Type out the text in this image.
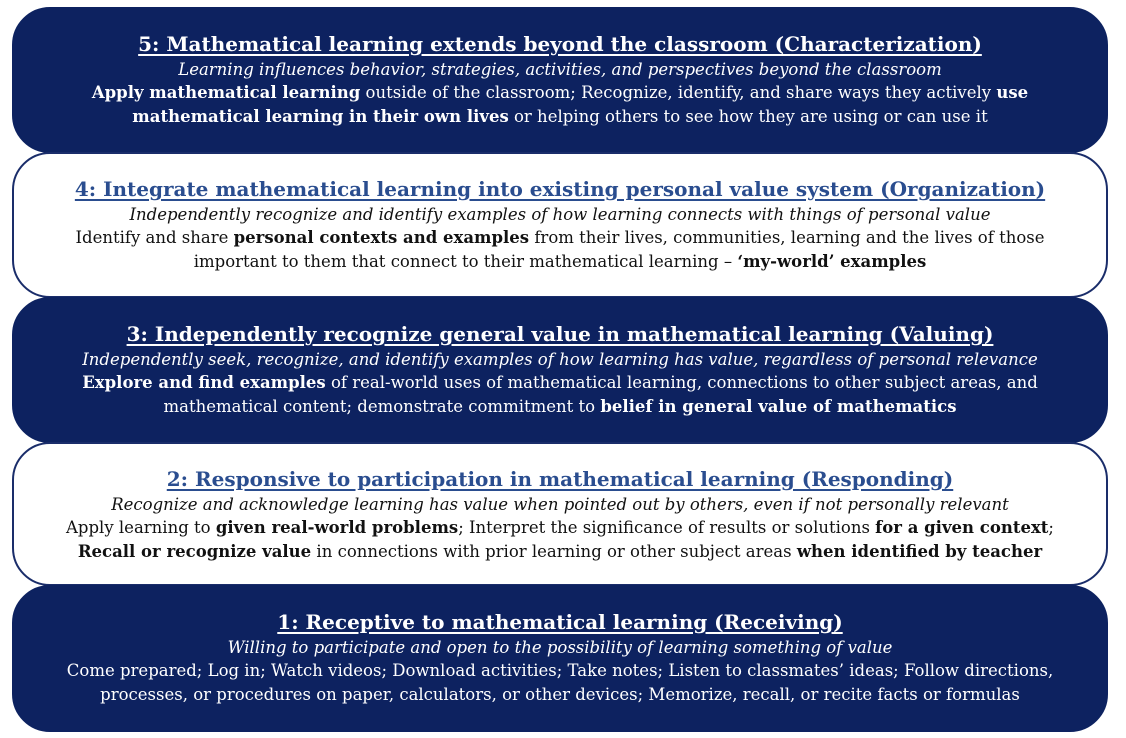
5: Mathematical learning extends beyond the classroom (Characterization)
Learning influences behavior, strategies, activities, and perspectives beyond the classroom
Apply mathematical learning outside of the classroom; Recognize, identify, and share ways they actively use mathematical learning in their own lives or helping others to see how they are using or can use it
4: Integrate mathematical learning into existing personal value system (Organization)
Independently recognize and identify examples of how learning connects with things of personal value
Identify and share personal contexts and examples from their lives, communities, learning and the lives of those important to them that connect to their mathematical learning – ‘my-world’ examples
3: Independently recognize general value in mathematical learning (Valuing)
Independently seek, recognize, and identify examples of how learning has value, regardless of personal relevance
Explore and find examples of real-world uses of mathematical learning, connections to other subject areas, and mathematical content; demonstrate commitment to belief in general value of mathematics
2: Responsive to participation in mathematical learning (Responding)
Recognize and acknowledge learning has value when pointed out by others, even if not personally relevant
Apply learning to given real-world problems; Interpret the significance of results or solutions for a given context; Recall or recognize value in connections with prior learning or other subject areas when identified by teacher
1: Receptive to mathematical learning (Receiving)
Willing to participate and open to the possibility of learning something of value
Come prepared; Log in; Watch videos; Download activities; Take notes; Listen to classmates’ ideas; Follow directions, processes, or procedures on paper, calculators, or other devices; Memorize, recall, or recite facts or formulas
